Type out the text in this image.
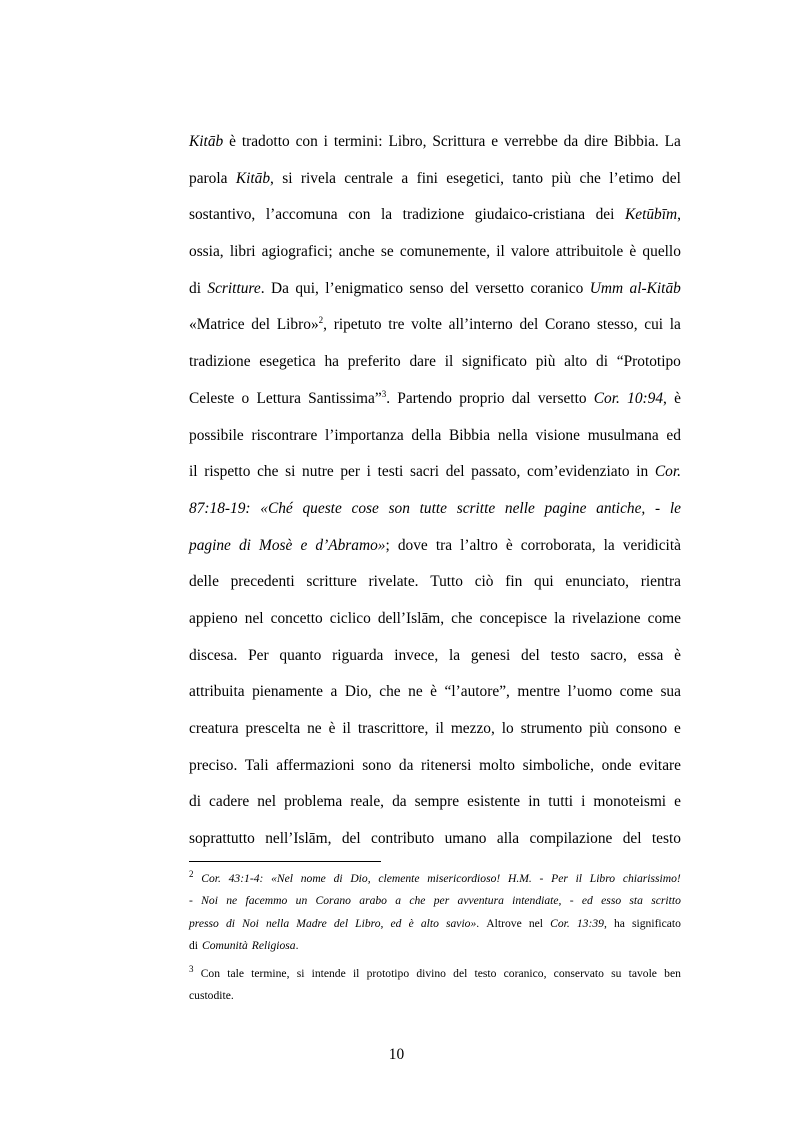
Kitāb è tradotto con i termini: Libro, Scrittura e verrebbe da dire Bibbia. La
parola Kitāb, si rivela centrale a fini esegetici, tanto più che l’etimo del
sostantivo, l’accomuna con la tradizione giudaico-cristiana dei Ketūbīm,
ossia, libri agiografici; anche se comunemente, il valore attribuitole è quello
di Scritture. Da qui, l’enigmatico senso del versetto coranico Umm al-Kitāb
«Matrice del Libro»$^2$, ripetuto tre volte all’interno del Corano stesso, cui la
tradizione esegetica ha preferito dare il significato più alto di “Prototipo
Celeste o Lettura Santissima”$^3$. Partendo proprio dal versetto Cor. 10:94, è
possibile riscontrare l’importanza della Bibbia nella visione musulmana ed
il rispetto che si nutre per i testi sacri del passato, com’evidenziato in Cor.
87:18-19: «Ché queste cose son tutte scritte nelle pagine antiche, - le
pagine di Mosè e d’Abramo»; dove tra l’altro è corroborata, la veridicità
delle precedenti scritture rivelate. Tutto ciò fin qui enunciato, rientra
appieno nel concetto ciclico dell’Islām, che concepisce la rivelazione come
discesa. Per quanto riguarda invece, la genesi del testo sacro, essa è
attribuita pienamente a Dio, che ne è “l’autore”, mentre l’uomo come sua
creatura prescelta ne è il trascrittore, il mezzo, lo strumento più consono e
preciso. Tali affermazioni sono da ritenersi molto simboliche, onde evitare
di cadere nel problema reale, da sempre esistente in tutti i monoteismi e
soprattutto nell’Islām, del contributo umano alla compilazione del testo
$^2$ Cor. 43:1-4: «Nel nome di Dio, clemente misericordioso! H.M. - Per il Libro chiarissimo!
- Noi ne facemmo un Corano arabo a che per avventura intendiate, - ed esso sta scritto
presso di Noi nella Madre del Libro, ed è alto savio». Altrove nel Cor. 13:39, ha significato
di Comunità Religiosa.
$^3$ Con tale termine, si intende il prototipo divino del testo coranico, conservato su tavole ben
custodite.
10
